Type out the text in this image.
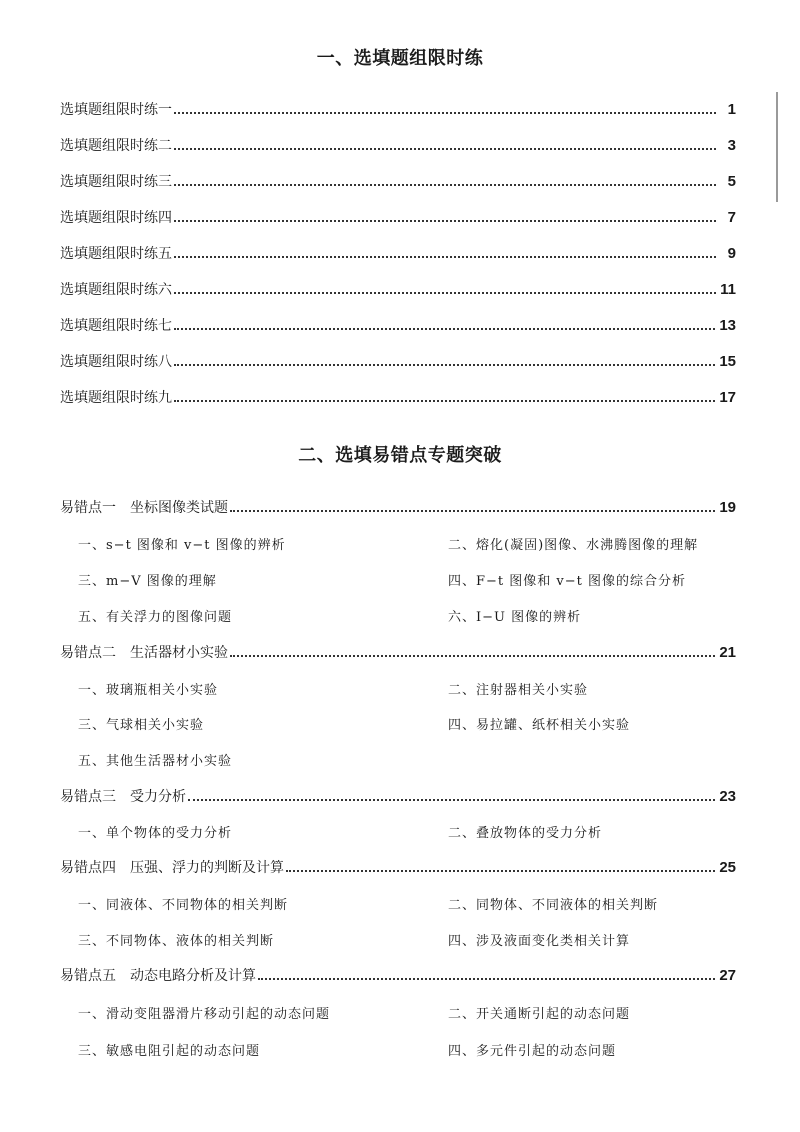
一、选填题组限时练
选填题组限时练一	1
选填题组限时练二	3
选填题组限时练三	5
选填题组限时练四	7
选填题组限时练五	9
选填题组限时练六	11
选填题组限时练七	13
选填题组限时练八	15
选填题组限时练九	17
二、选填易错点专题突破
易错点一　坐标图像类试题	19
一、s−t 图像和 v−t 图像的辨析	二、熔化(凝固)图像、水沸腾图像的理解
三、m−V 图像的理解	四、F−t 图像和 v−t 图像的综合分析
五、有关浮力的图像问题	六、I−U 图像的辨析
易错点二　生活器材小实验	21
一、玻璃瓶相关小实验	二、注射器相关小实验
三、气球相关小实验	四、易拉罐、纸杯相关小实验
五、其他生活器材小实验
易错点三　受力分析	23
一、单个物体的受力分析	二、叠放物体的受力分析
易错点四　压强、浮力的判断及计算	25
一、同液体、不同物体的相关判断	二、同物体、不同液体的相关判断
三、不同物体、液体的相关判断	四、涉及液面变化类相关计算
易错点五　动态电路分析及计算	27
一、滑动变阻器滑片移动引起的动态问题	二、开关通断引起的动态问题
三、敏感电阻引起的动态问题	四、多元件引起的动态问题
